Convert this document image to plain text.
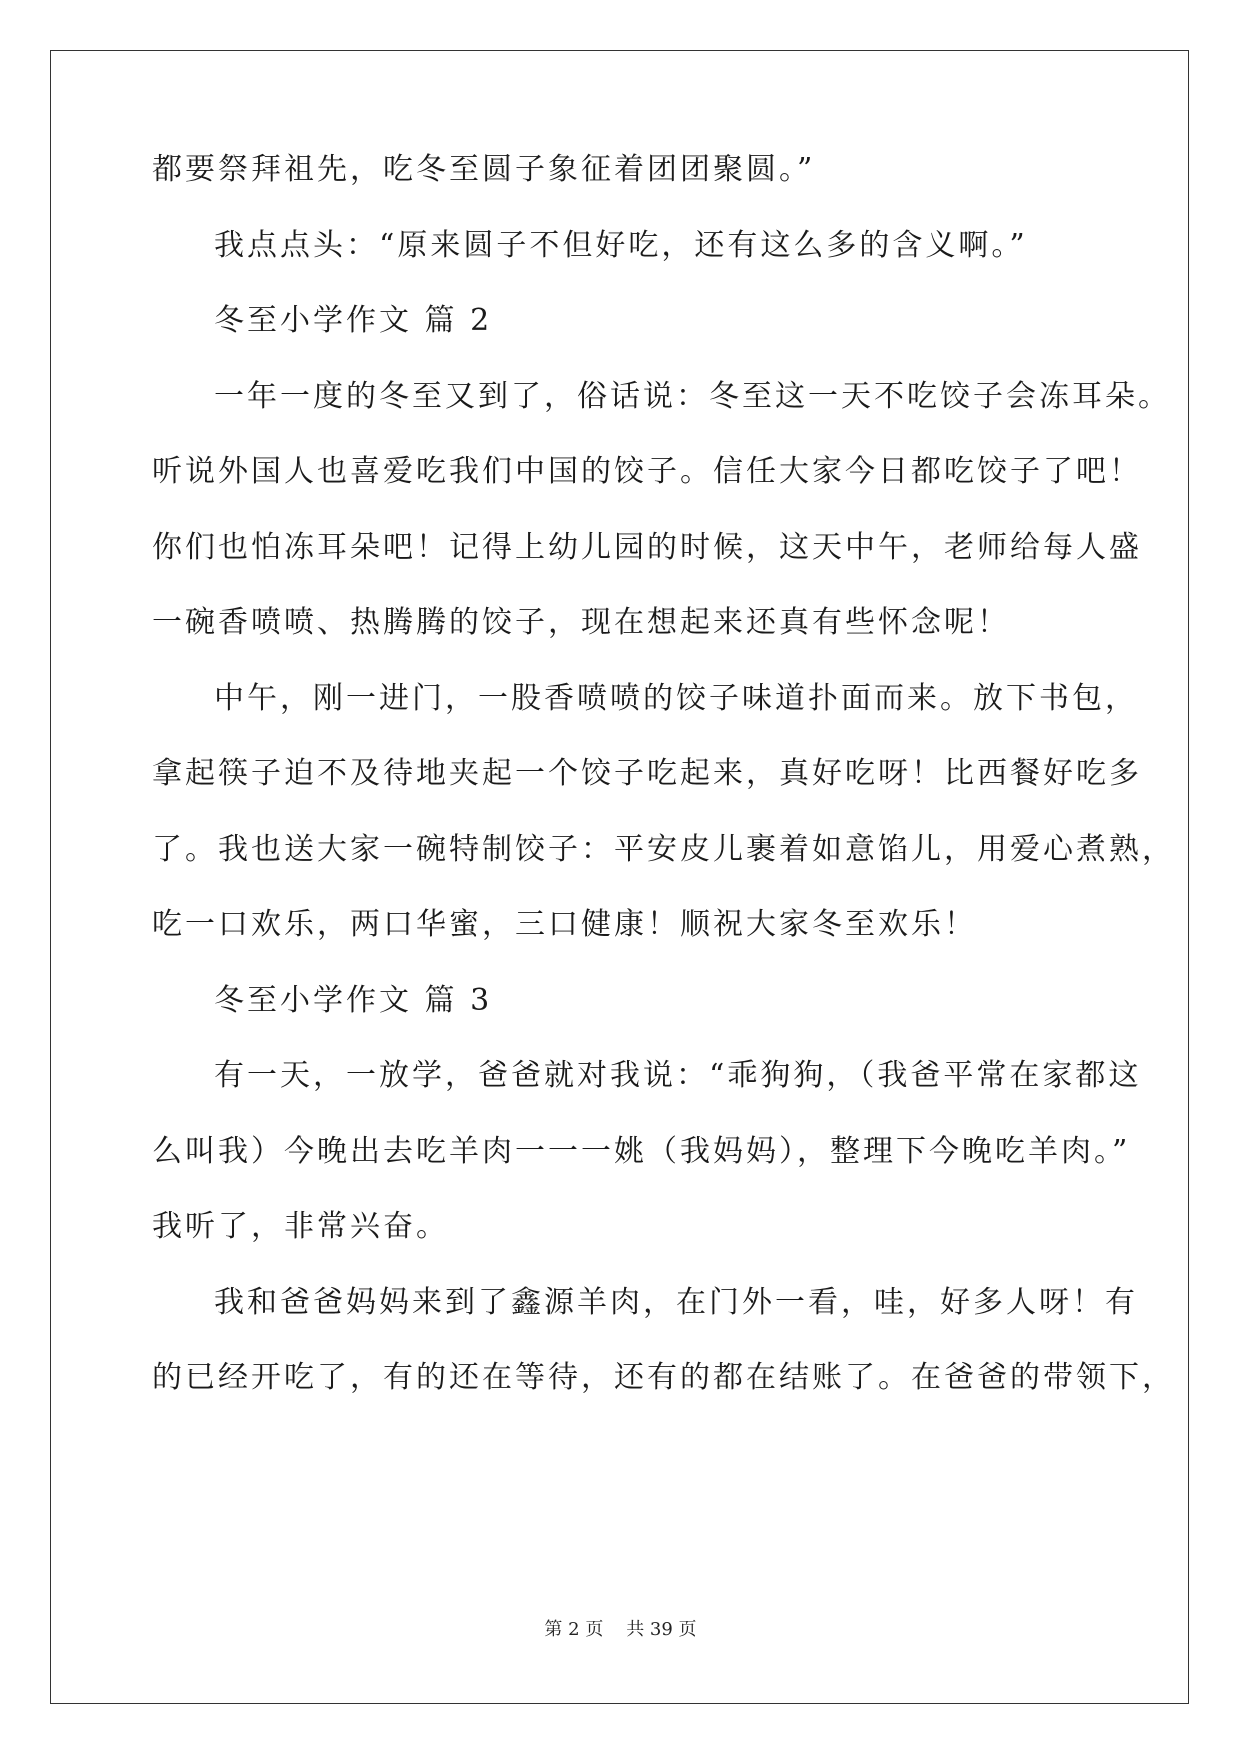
都要祭拜祖先，吃冬至圆子象征着团团聚圆。”
我点点头：“原来圆子不但好吃，还有这么多的含义啊。”
冬至小学作文 篇 2
一年一度的冬至又到了，俗话说：冬至这一天不吃饺子会冻耳朵。
听说外国人也喜爱吃我们中国的饺子。信任大家今日都吃饺子了吧！
你们也怕冻耳朵吧！记得上幼儿园的时候，这天中午，老师给每人盛
一碗香喷喷、热腾腾的饺子，现在想起来还真有些怀念呢！
中午，刚一进门，一股香喷喷的饺子味道扑面而来。放下书包，
拿起筷子迫不及待地夹起一个饺子吃起来，真好吃呀！比西餐好吃多
了。我也送大家一碗特制饺子：平安皮儿裹着如意馅儿，用爱心煮熟，
吃一口欢乐，两口华蜜，三口健康！顺祝大家冬至欢乐！
冬至小学作文 篇 3
有一天，一放学，爸爸就对我说：“乖狗狗，（我爸平常在家都这
么叫我）今晚出去吃羊肉一一一姚（我妈妈），整理下今晚吃羊肉。”
我听了，非常兴奋。
我和爸爸妈妈来到了鑫源羊肉，在门外一看，哇，好多人呀！有
的已经开吃了，有的还在等待，还有的都在结账了。在爸爸的带领下，
第 2 页    共 39 页
